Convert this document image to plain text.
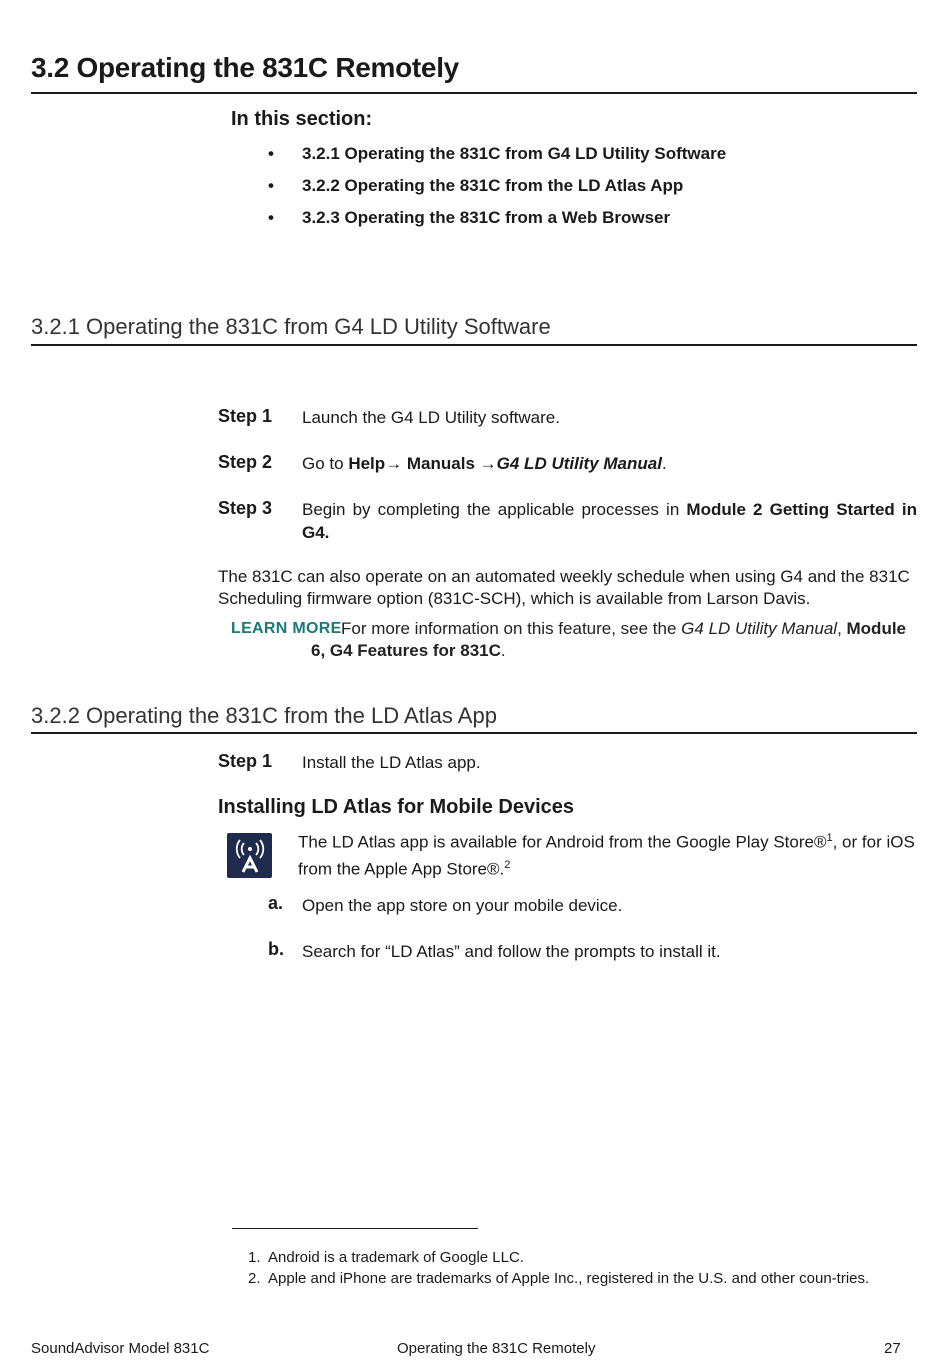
3.2 Operating the 831C Remotely
In this section:
•	3.2.1 Operating the 831C from G4 LD Utility Software
•	3.2.2 Operating the 831C from the LD Atlas App
•	3.2.3 Operating the 831C from a Web Browser
3.2.1 Operating the 831C from G4 LD Utility Software
Step 1 Launch the G4 LD Utility software.
Step 2 Go to Help→ Manuals →G4 LD Utility Manual.
Step 3 Begin by completing the applicable processes in Module 2 Getting Started in G4.
The 831C can also operate on an automated weekly schedule when using G4 and the 831C Scheduling firmware option (831C-SCH), which is available from Larson Davis.
LEARN MORE For more information on this feature, see the G4 LD Utility Manual, Module 6, G4 Features for 831C.
3.2.2 Operating the 831C from the LD Atlas App
Step 1 Install the LD Atlas app.
Installing LD Atlas for Mobile Devices
The LD Atlas app is available for Android from the Google Play Store®$^1$, or for iOS from the Apple App Store®.$^2$
a. Open the app store on your mobile device.
b. Search for “LD Atlas” and follow the prompts to install it.
1. Android is a trademark of Google LLC.
2. Apple and iPhone are trademarks of Apple Inc., registered in the U.S. and other coun-tries.
SoundAdvisor Model 831C	Operating the 831C Remotely	27
